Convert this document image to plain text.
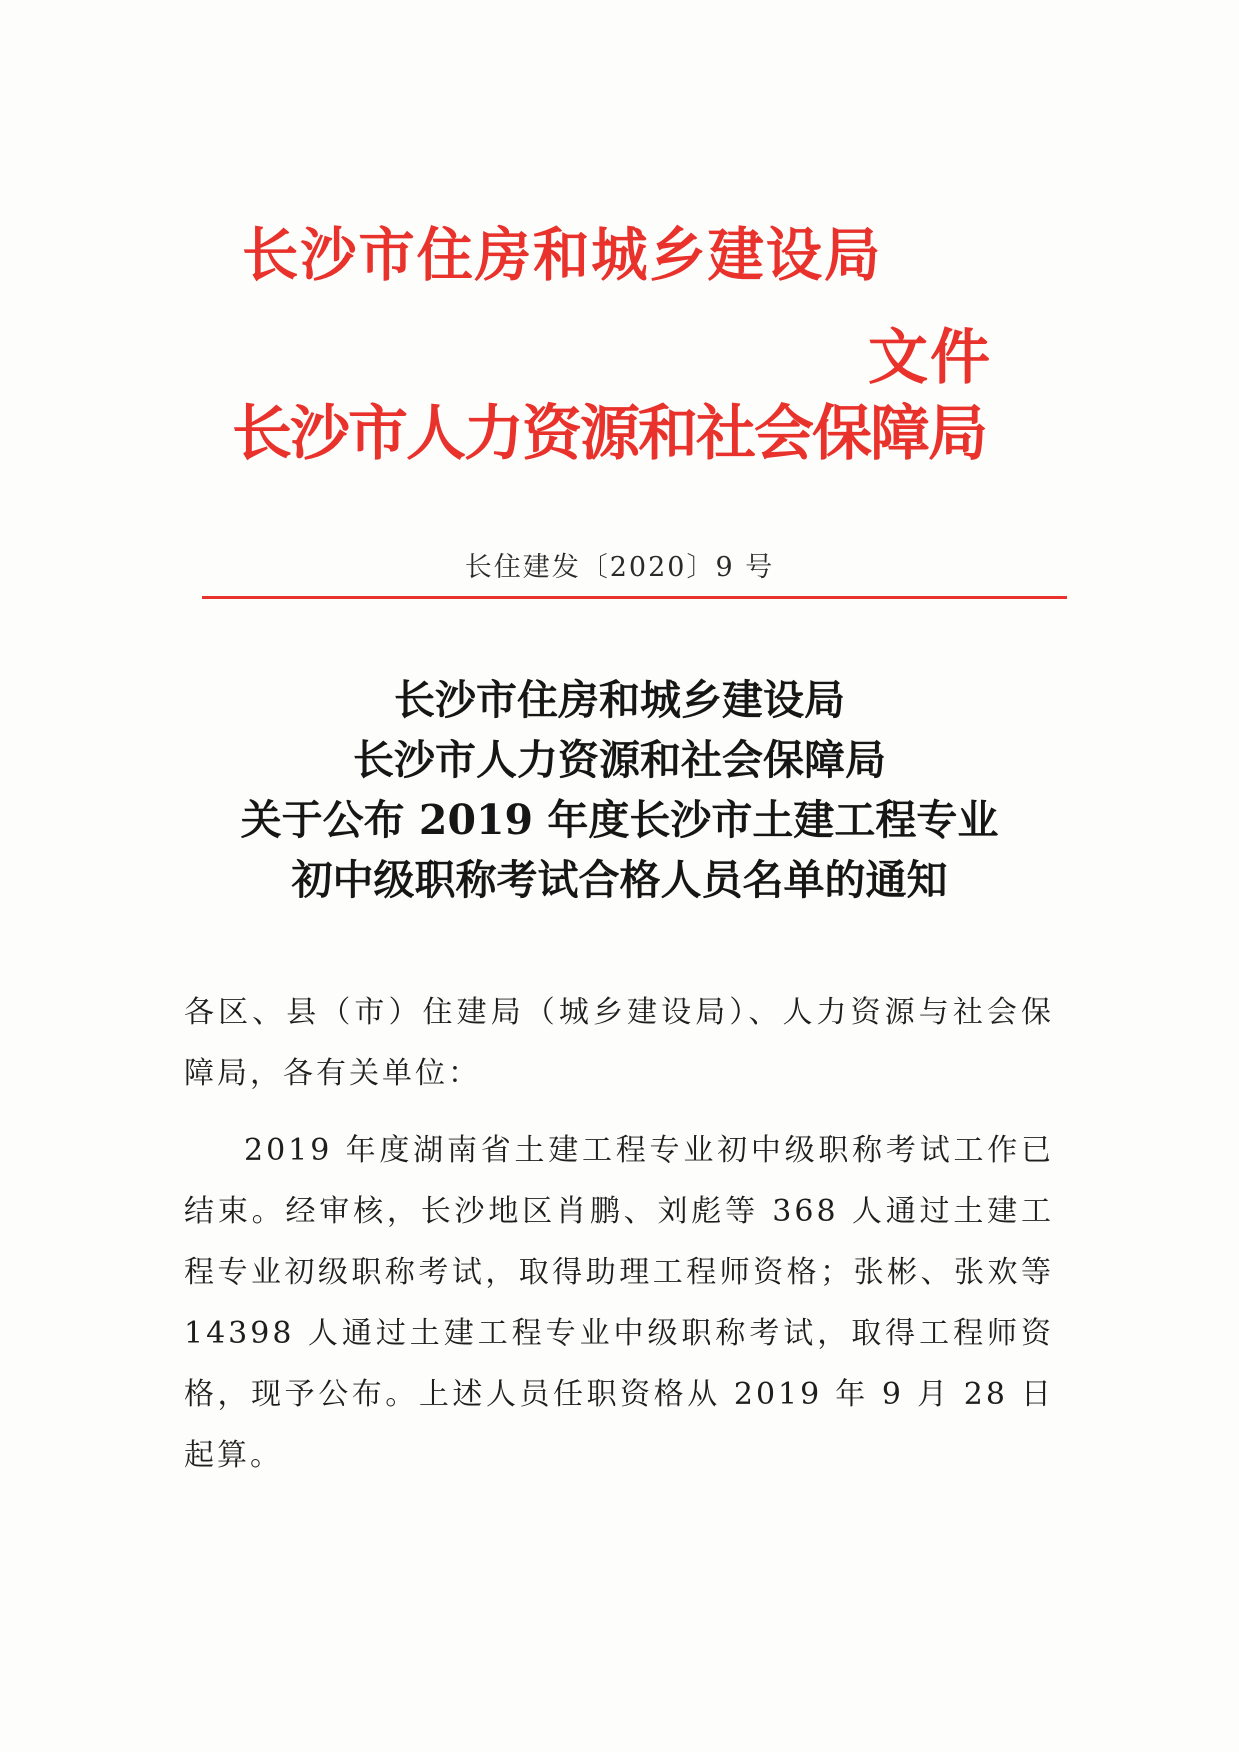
长沙市住房和城乡建设局
文件
长沙市人力资源和社会保障局
长住建发〔2020〕9 号
长沙市住房和城乡建设局
长沙市人力资源和社会保障局
关于公布 2019 年度长沙市土建工程专业
初中级职称考试合格人员名单的通知
各区、县（市）住建局（城乡建设局）、人力资源与社会保障局，各有关单位：
2019 年度湖南省土建工程专业初中级职称考试工作已结束。经审核，长沙地区肖鹏、刘彪等 368 人通过土建工程专业初级职称考试，取得助理工程师资格；张彬、张欢等 14398 人通过土建工程专业中级职称考试，取得工程师资格，现予公布。上述人员任职资格从 2019 年 9 月 28 日起算。
